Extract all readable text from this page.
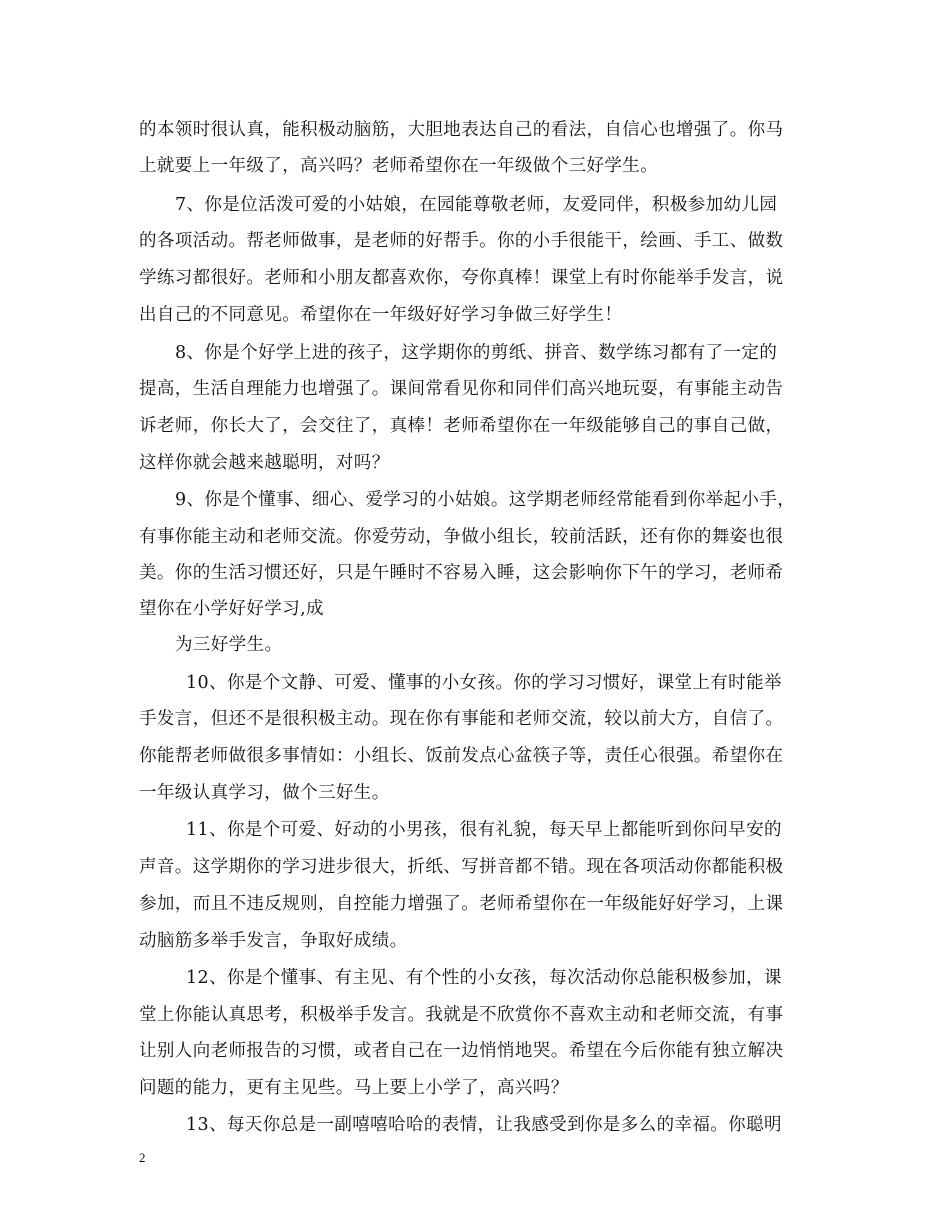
的本领时很认真，能积极动脑筋，大胆地表达自己的看法，自信心也增强了。你马
上就要上一年级了，高兴吗？老师希望你在一年级做个三好学生。
7、你是位活泼可爱的小姑娘，在园能尊敬老师，友爱同伴，积极参加幼儿园
的各项活动。帮老师做事，是老师的好帮手。你的小手很能干，绘画、手工、做数
学练习都很好。老师和小朋友都喜欢你，夸你真棒！课堂上有时你能举手发言，说
出自己的不同意见。希望你在一年级好好学习争做三好学生！
8、你是个好学上进的孩子，这学期你的剪纸、拼音、数学练习都有了一定的
提高，生活自理能力也增强了。课间常看见你和同伴们高兴地玩耍，有事能主动告
诉老师，你长大了，会交往了，真棒！老师希望你在一年级能够自己的事自己做，
这样你就会越来越聪明，对吗？
9、你是个懂事、细心、爱学习的小姑娘。这学期老师经常能看到你举起小手，
有事你能主动和老师交流。你爱劳动，争做小组长，较前活跃，还有你的舞姿也很
美。你的生活习惯还好，只是午睡时不容易入睡，这会影响你下午的学习，老师希
望你在小学好好学习,成
为三好学生。
10、你是个文静、可爱、懂事的小女孩。你的学习习惯好，课堂上有时能举
手发言，但还不是很积极主动。现在你有事能和老师交流，较以前大方，自信了。
你能帮老师做很多事情如：小组长、饭前发点心盆筷子等，责任心很强。希望你在
一年级认真学习，做个三好生。
11、你是个可爱、好动的小男孩，很有礼貌，每天早上都能听到你问早安的
声音。这学期你的学习进步很大，折纸、写拼音都不错。现在各项活动你都能积极
参加，而且不违反规则，自控能力增强了。老师希望你在一年级能好好学习，上课
动脑筋多举手发言，争取好成绩。
12、你是个懂事、有主见、有个性的小女孩，每次活动你总能积极参加，课
堂上你能认真思考，积极举手发言。我就是不欣赏你不喜欢主动和老师交流，有事
让别人向老师报告的习惯，或者自己在一边悄悄地哭。希望在今后你能有独立解决
问题的能力，更有主见些。马上要上小学了，高兴吗？
13、每天你总是一副嘻嘻哈哈的表情，让我感受到你是多么的幸福。你聪明
2
